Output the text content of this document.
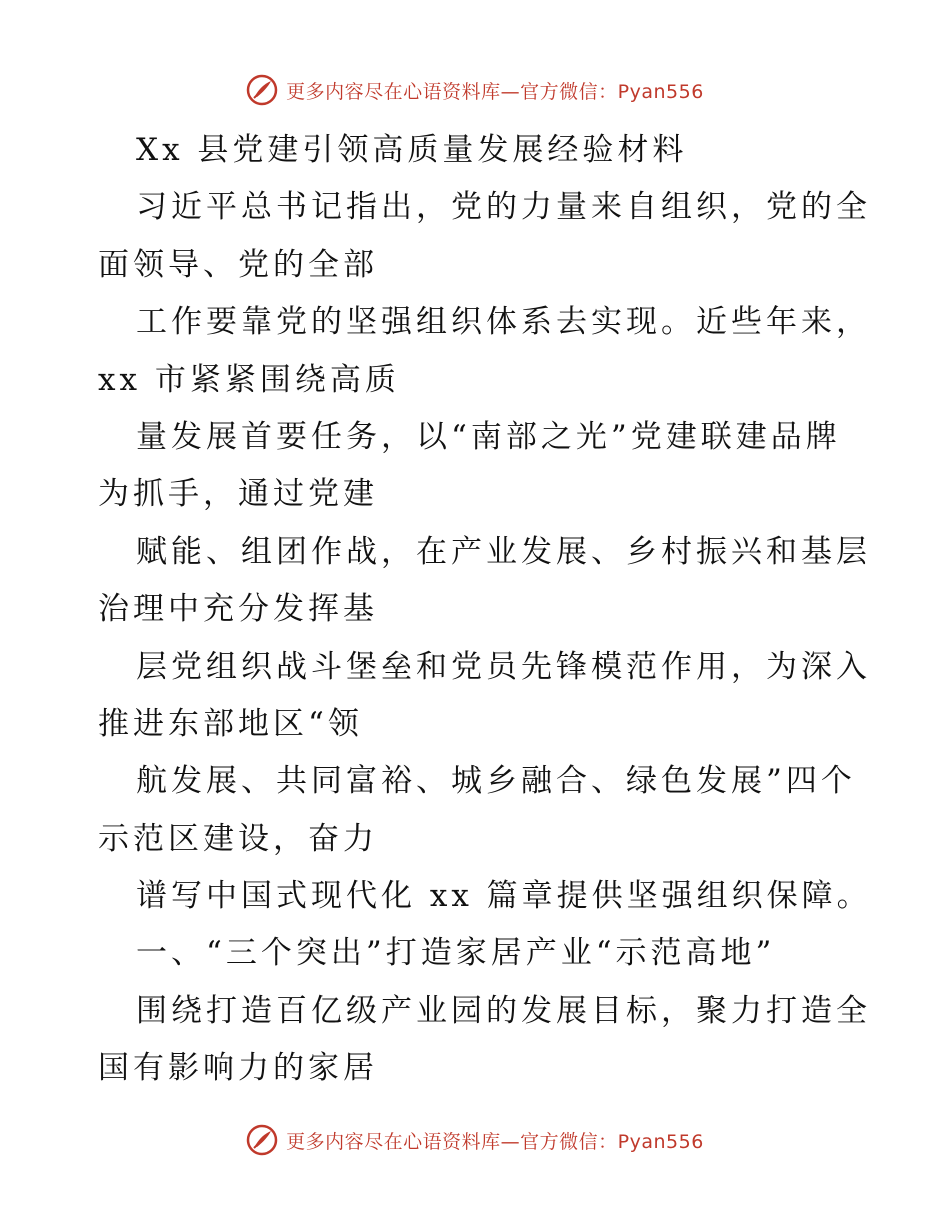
更多内容尽在心语资料库—官方微信：Pyan556
Xx 县党建引领高质量发展经验材料
习近平总书记指出，党的力量来自组织，党的全
面领导、党的全部
工作要靠党的坚强组织体系去实现。近些年来，
xx 市紧紧围绕高质
量发展首要任务，以“南部之光”党建联建品牌
为抓手，通过党建
赋能、组团作战，在产业发展、乡村振兴和基层
治理中充分发挥基
层党组织战斗堡垒和党员先锋模范作用，为深入
推进东部地区“领
航发展、共同富裕、城乡融合、绿色发展”四个
示范区建设，奋力
谱写中国式现代化 xx 篇章提供坚强组织保障。
一、“三个突出”打造家居产业“示范高地”
围绕打造百亿级产业园的发展目标，聚力打造全
国有影响力的家居
更多内容尽在心语资料库—官方微信：Pyan556
